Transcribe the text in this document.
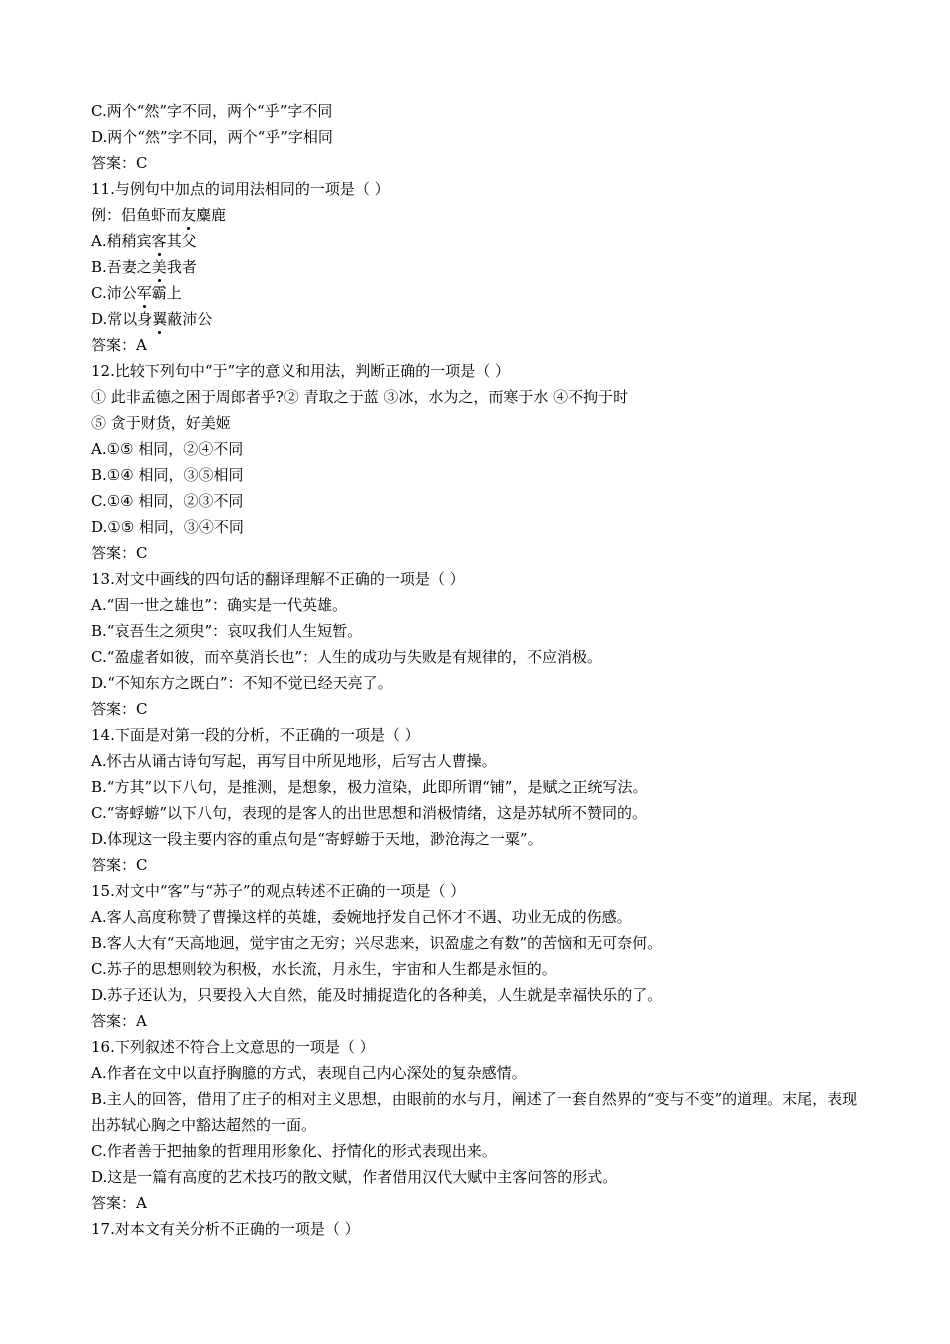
C.两个“然”字不同，两个“乎”字不同
D.两个“然”字不同，两个“乎”字相同
答案：C
11.与例句中加点的词用法相同的一项是（ ）
例：侣鱼虾而友麋鹿
A.稍稍宾客其父
B.吾妻之美我者
C.沛公军霸上
D.常以身翼蔽沛公
答案：A
12.比较下列句中“于”字的意义和用法，判断正确的一项是（ ）
① 此非孟德之困于周郎者乎?② 青取之于蓝 ③冰，水为之，而寒于水 ④不拘于时
⑤ 贪于财货，好美姬
A.①⑤ 相同，②④不同
B.①④ 相同，③⑤相同
C.①④ 相同，②③不同
D.①⑤ 相同，③④不同
答案：C
13.对文中画线的四句话的翻译理解不正确的一项是（ ）
A.“固一世之雄也”：确实是一代英雄。
B.“哀吾生之须臾”：哀叹我们人生短暂。
C.“盈虚者如彼，而卒莫消长也”：人生的成功与失败是有规律的，不应消极。
D.“不知东方之既白”：不知不觉已经天亮了。
答案：C
14.下面是对第一段的分析，不正确的一项是（ ）
A.怀古从诵古诗句写起，再写目中所见地形，后写古人曹操。
B.“方其”以下八句，是推测，是想象，极力渲染，此即所谓“铺”，是赋之正统写法。
C.“寄蜉蝣”以下八句，表现的是客人的出世思想和消极情绪，这是苏轼所不赞同的。
D.体现这一段主要内容的重点句是“寄蜉蝣于天地，渺沧海之一粟”。
答案：C
15.对文中“客”与“苏子”的观点转述不正确的一项是（ ）
A.客人高度称赞了曹操这样的英雄，委婉地抒发自己怀才不遇、功业无成的伤感。
B.客人大有“天高地迥，觉宇宙之无穷；兴尽悲来，识盈虚之有数”的苦恼和无可奈何。
C.苏子的思想则较为积极，水长流，月永生，宇宙和人生都是永恒的。
D.苏子还认为，只要投入大自然，能及时捕捉造化的各种美，人生就是幸福快乐的了。
答案：A
16.下列叙述不符合上文意思的一项是（ ）
A.作者在文中以直抒胸臆的方式，表现自己内心深处的复杂感情。
B.主人的回答，借用了庄子的相对主义思想，由眼前的水与月，阐述了一套自然界的“变与不变”的道理。末尾，表现出苏轼心胸之中豁达超然的一面。
C.作者善于把抽象的哲理用形象化、抒情化的形式表现出来。
D.这是一篇有高度的艺术技巧的散文赋，作者借用汉代大赋中主客问答的形式。
答案：A
17.对本文有关分析不正确的一项是（ ）
